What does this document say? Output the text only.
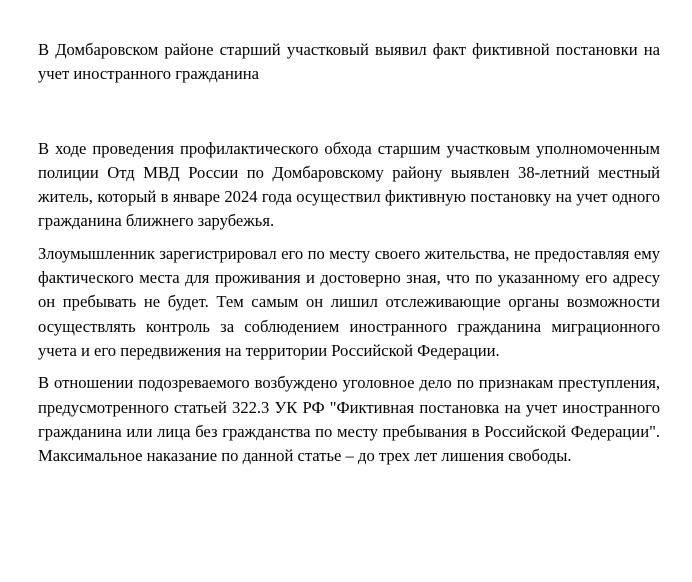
В Домбаровском районе старший участковый выявил факт фиктивной постановки на учет иностранного гражданина

В ходе проведения профилактического обхода старшим участковым уполномоченным полиции Отд МВД России по Домбаровскому району выявлен 38-летний местный житель, который в январе 2024 года осуществил фиктивную постановку на учет одного гражданина ближнего зарубежья.

Злоумышленник зарегистрировал его по месту своего жительства, не предоставляя ему фактического места для проживания и достоверно зная, что по указанному его адресу он пребывать не будет. Тем самым он лишил отслеживающие органы возможности осуществлять контроль за соблюдением иностранного гражданина миграционного учета и его передвижения на территории Российской Федерации.

В отношении подозреваемого возбуждено уголовное дело по признакам преступления, предусмотренного статьей 322.3 УК РФ "Фиктивная постановка на учет иностранного гражданина или лица без гражданства по месту пребывания в Российской Федерации". Максимальное наказание по данной статье – до трех лет лишения свободы.
